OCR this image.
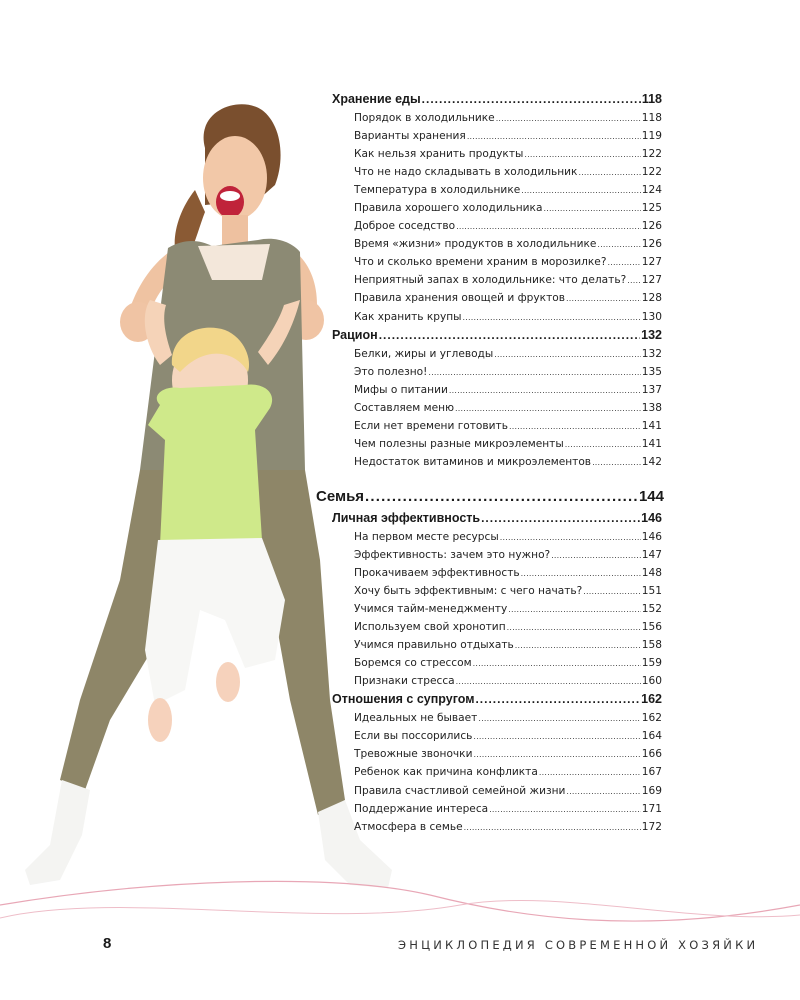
Хранение еды .....	118
Порядок в холодильнике .....	118
Варианты хранения .....	119
Как нельзя хранить продукты .....	122
Что не надо складывать в холодильник .....	122
Температура в холодильнике .....	124
Правила хорошего холодильника .....	125
Доброе соседство .....	126
Время «жизни» продуктов в холодильнике .....	126
Что и сколько времени храним в морозилке? .....	127
Неприятный запах в холодильнике: что делать? ..... 127
Правила хранения овощей и фруктов .....	128
Как хранить крупы .....	130
Рацион .....	132
Белки, жиры и углеводы .....	132
Это полезно! .....	135
Мифы о питании .....	137
Составляем меню .....	138
Если нет времени готовить .....	141
Чем полезны разные микроэлементы .....	141
Недостаток витаминов и микроэлементов .....	142
Семья .....	144
Личная эффективность .....	146
На первом месте ресурсы .....	146
Эффективность: зачем это нужно? .....	147
Прокачиваем эффективность .....	148
Хочу быть эффективным: с чего начать? .....	151
Учимся тайм-менеджменту .....	152
Используем свой хронотип .....	156
Учимся правильно отдыхать .....	158
Боремся со стрессом .....	159
Признаки стресса .....	160
Отношения с супругом .....	162
Идеальных не бывает .....	162
Если вы поссорились .....	164
Тревожные звоночки .....	166
Ребенок как причина конфликта .....	167
Правила счастливой семейной жизни .....	169
Поддержание интереса .....	171
Атмосфера в семье .....	172
8	ЭНЦИКЛОПЕДИЯ СОВРЕМЕННОЙ ХОЗЯЙКИ
